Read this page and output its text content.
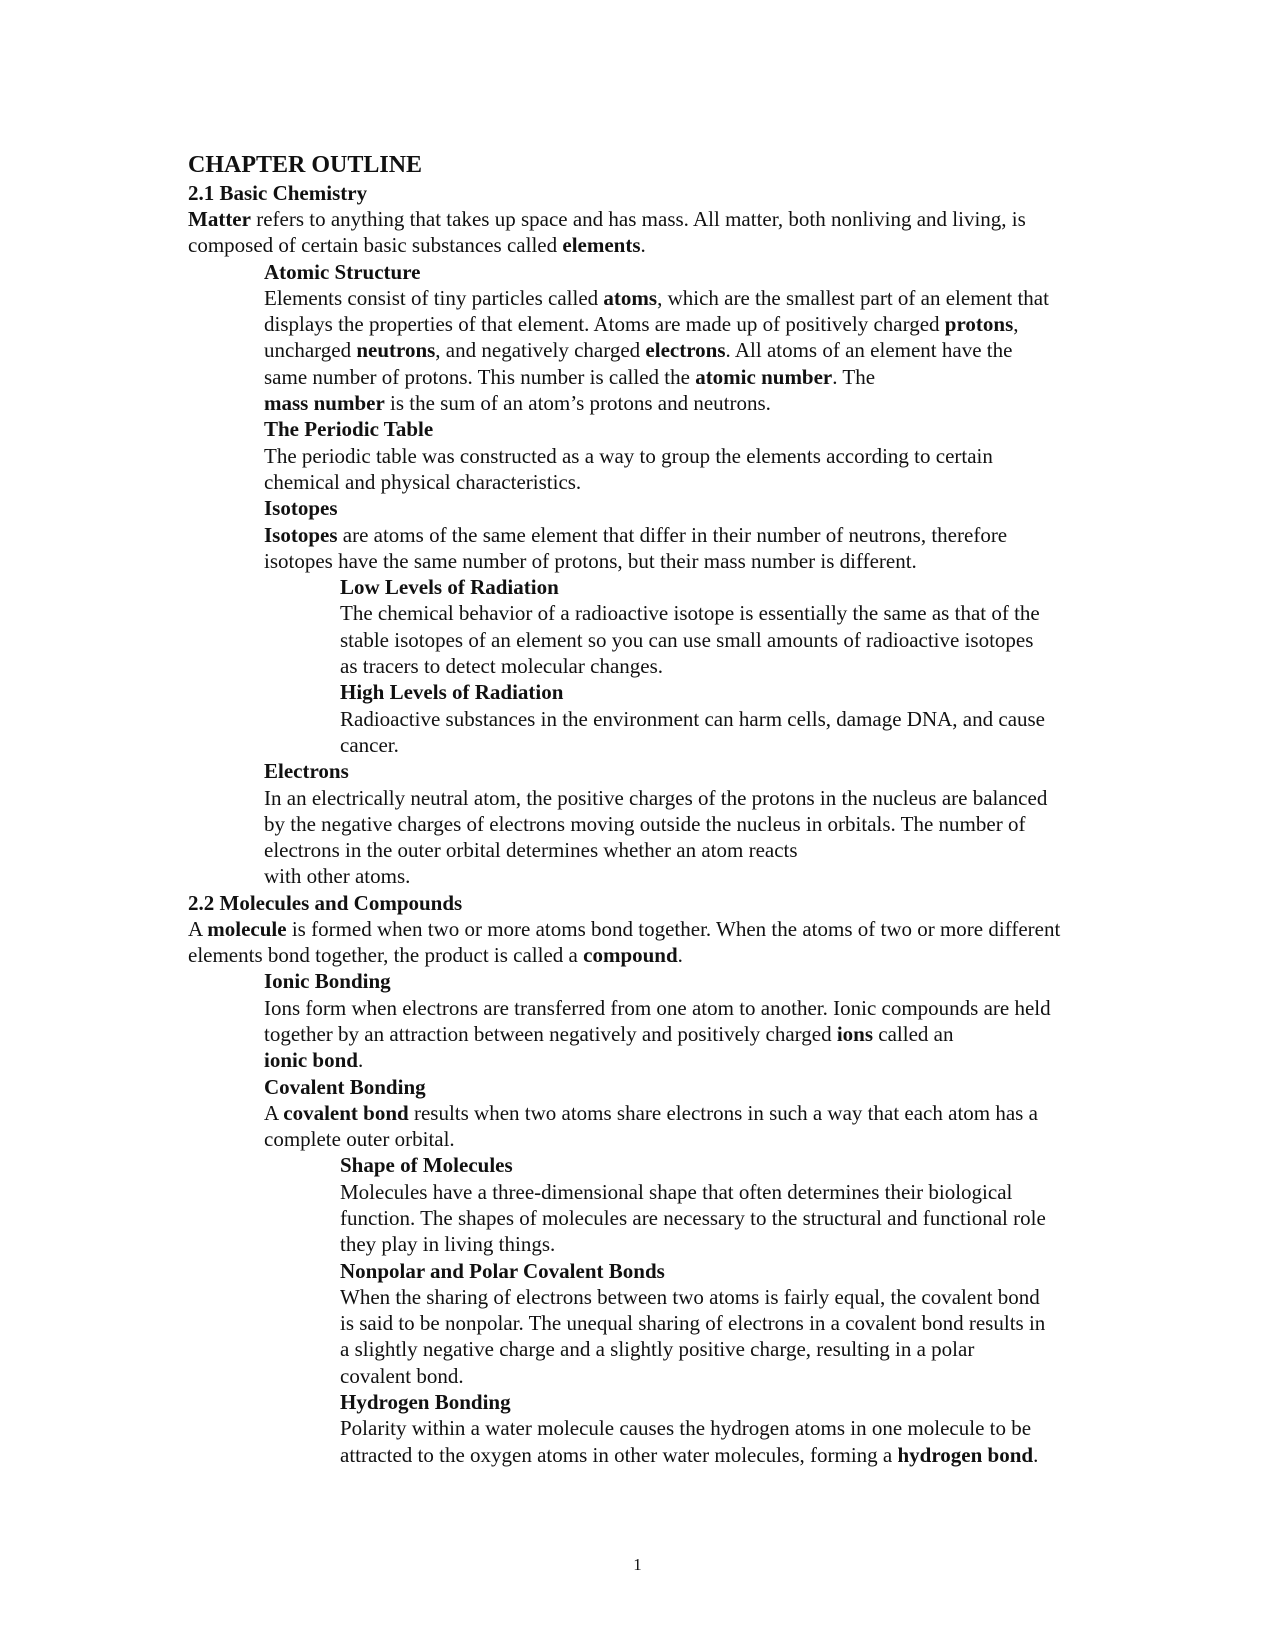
CHAPTER OUTLINE
2.1 Basic Chemistry

Matter refers to anything that takes up space and has mass. All matter, both nonliving and living, is composed of certain basic substances called elements.

Atomic Structure

Elements consist of tiny particles called atoms, which are the smallest part of an element that displays the properties of that element. Atoms are made up of positively charged protons, uncharged neutrons, and negatively charged electrons. All atoms of an element have the same number of protons. This number is called the atomic number. The
mass number is the sum of an atom’s protons and neutrons.

The Periodic Table

The periodic table was constructed as a way to group the elements according to certain chemical and physical characteristics.

Isotopes

Isotopes are atoms of the same element that differ in their number of neutrons, therefore isotopes have the same number of protons, but their mass number is different.

Low Levels of Radiation

The chemical behavior of a radioactive isotope is essentially the same as that of the stable isotopes of an element so you can use small amounts of radioactive isotopes as tracers to detect molecular changes.

High Levels of Radiation

Radioactive substances in the environment can harm cells, damage DNA, and cause cancer.

Electrons

In an electrically neutral atom, the positive charges of the protons in the nucleus are balanced by the negative charges of electrons moving outside the nucleus in orbitals. The number of electrons in the outer orbital determines whether an atom reacts
with other atoms.

2.2 Molecules and Compounds

A molecule is formed when two or more atoms bond together. When the atoms of two or more different elements bond together, the product is called a compound.

Ionic Bonding

Ions form when electrons are transferred from one atom to another. Ionic compounds are held together by an attraction between negatively and positively charged ions called an
ionic bond.

Covalent Bonding

A covalent bond results when two atoms share electrons in such a way that each atom has a complete outer orbital.

Shape of Molecules

Molecules have a three-dimensional shape that often determines their biological function. The shapes of molecules are necessary to the structural and functional role they play in living things.

Nonpolar and Polar Covalent Bonds

When the sharing of electrons between two atoms is fairly equal, the covalent bond is said to be nonpolar. The unequal sharing of electrons in a covalent bond results in a slightly negative charge and a slightly positive charge, resulting in a polar covalent bond.

Hydrogen Bonding

Polarity within a water molecule causes the hydrogen atoms in one molecule to be attracted to the oxygen atoms in other water molecules, forming a hydrogen bond.

1
